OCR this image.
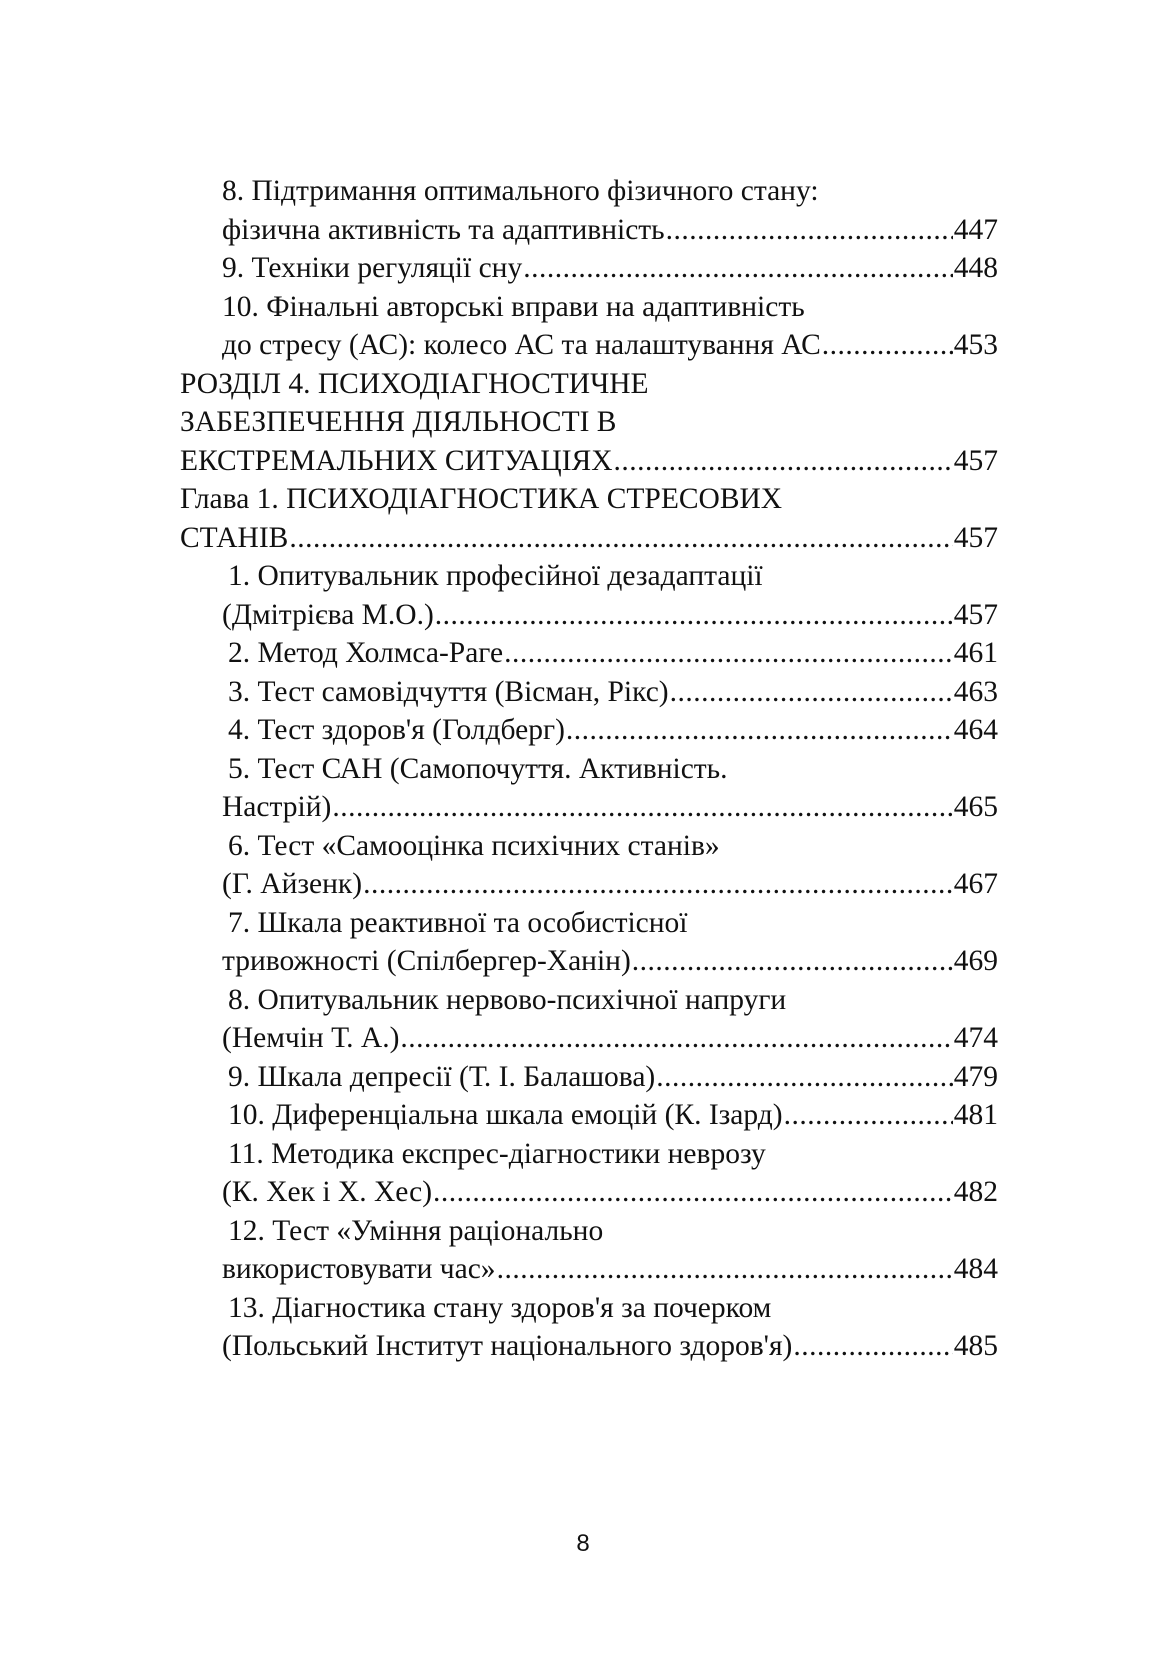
8. Підтримання оптимального фізичного стану:
фізична активність та адаптивність .....	447
9. Техніки регуляції сну .....	448
10. Фінальні авторські вправи на адаптивність
до стресу (АС): колесо АС та налаштування АС .....	453
РОЗДІЛ 4. ПСИХОДІАГНОСТИЧНЕ
ЗАБЕЗПЕЧЕННЯ ДІЯЛЬНОСТІ В
ЕКСТРЕМАЛЬНИХ СИТУАЦІЯХ .....	457
Глава 1. ПСИХОДІАГНОСТИКА СТРЕСОВИХ
СТАНІВ .....	457
1. Опитувальник професійної дезадаптації
(Дмітрієва М.О.) .....	457
2. Метод Холмса-Раге .....	461
3. Тест самовідчуття (Вісман, Рікс) .....	463
4. Тест здоров'я (Голдберг) .....	464
5. Тест САН (Самопочуття. Активність.
Настрій) .....	465
6. Тест «Самооцінка психічних станів»
(Г. Айзенк) .....	467
7. Шкала реактивної та особистісної
тривожності (Спілбергер-Ханін) .....	469
8. Опитувальник нервово-психічної напруги
(Немчін Т. А.) .....	474
9. Шкала депресії (Т. І. Балашова) .....	479
10. Диференціальна шкала емоцій (К. Ізард) .....	481
11. Методика експрес-діагностики неврозу
(К. Хек і Х. Хес) .....	482
12. Тест «Уміння раціонально
використовувати час» .....	484
13. Діагностика стану здоров'я за почерком
(Польський Інститут національного здоров'я) .....	485
8
